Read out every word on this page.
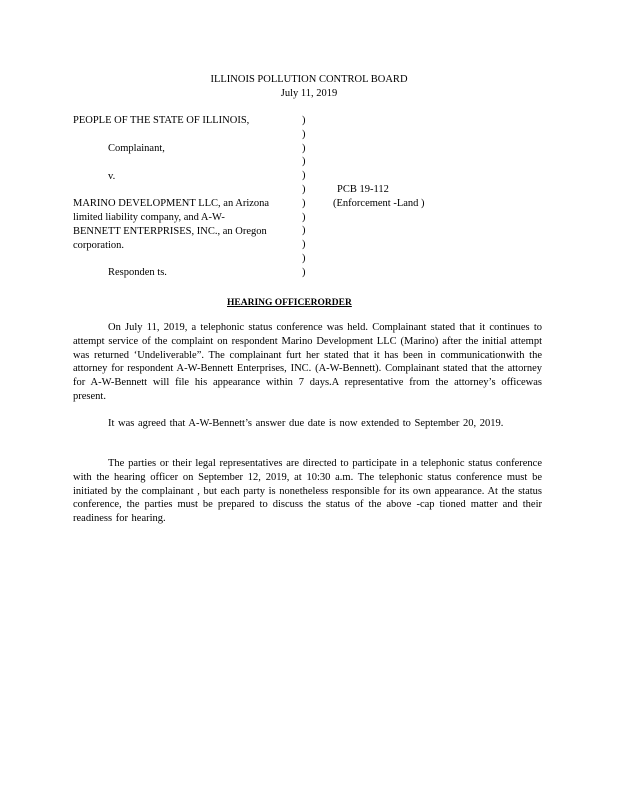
ILLINOIS POLLUTION CONTROL BOARD
July 11, 2019
PEOPLE OF THE STATE OF ILLINOIS,
Complainant,
v.
MARINO DEVELOPMENT LLC, an Arizona
limited liability company, and A-W-
BENNETT ENTERPRISES, INC., an Oregon
corporation.
Responden ts.
)
)
)
)
)
)
)
)
)
)
)
)
PCB 19-112
(Enforcement -Land )
HEARING OFFICERORDER
On July 11, 2019, a telephonic status conference was held. Complainant stated that it continues to attempt service of the complaint on respondent Marino Development LLC (Marino) after the initial attempt was returned ‘Undeliverable”. The complainant furt her stated that it has been in communicationwith the attorney for respondent A-W-Bennett Enterprises, INC. (A-W-Bennett). Complainant stated that the attorney for A-W-Bennett will file his appearance within 7 days.A representative from the attorney’s officewas present.
It was agreed that A-W-Bennett’s answer due date is now extended to September 20, 2019.
The parties or their legal representatives are directed to participate in a telephonic status conference with the hearing officer on September 12, 2019, at 10:30 a.m. The telephonic status conference must be initiated by the complainant , but each party is nonetheless responsible for its own appearance. At the status conference, the parties must be prepared to discuss the status of the above -cap tioned matter and their readiness for hearing.
